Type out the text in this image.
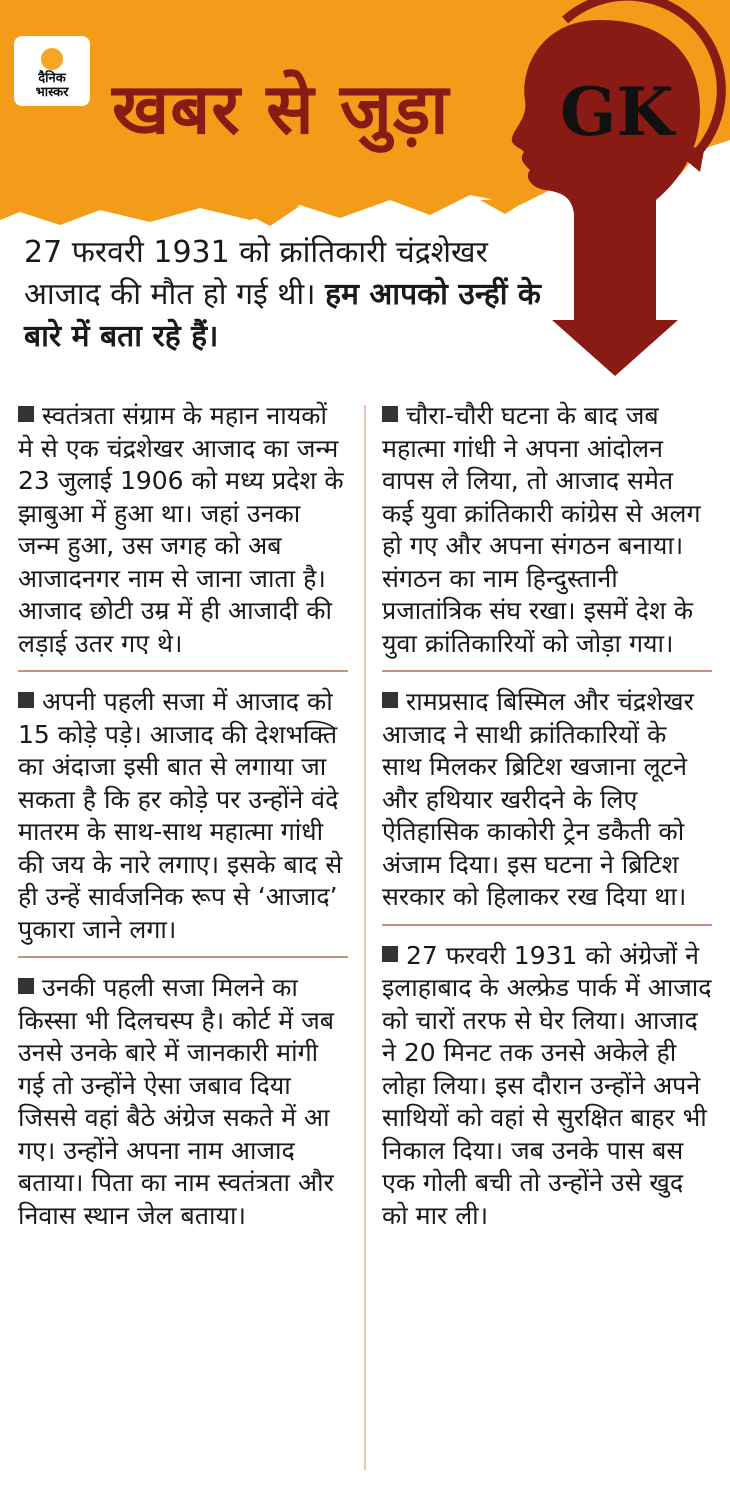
दैनिक
भास्कर खबर से जुड़ा GK
27 फरवरी 1931 को क्रांतिकारी चंद्रशेखर आजाद की मौत हो गई थी। हम आपको उन्हीं के बारे में बता रहे हैं।
स्वतंत्रता संग्राम के महान नायकों मे से एक चंद्रशेखर आजाद का जन्म 23 जुलाई 1906 को मध्य प्रदेश के झाबुआ में हुआ था। जहां उनका जन्म हुआ, उस जगह को अब आजादनगर नाम से जाना जाता है। आजाद छोटी उम्र में ही आजादी की लड़ाई उतर गए थे।
अपनी पहली सजा में आजाद को 15 कोड़े पड़े। आजाद की देशभक्ति का अंदाजा इसी बात से लगाया जा सकता है कि हर कोड़े पर उन्होंने वंदे मातरम के साथ-साथ महात्मा गांधी की जय के नारे लगाए। इसके बाद से ही उन्हें सार्वजनिक रूप से ‘आजाद’ पुकारा जाने लगा।
उनकी पहली सजा मिलने का किस्सा भी दिलचस्प है। कोर्ट में जब उनसे उनके बारे में जानकारी मांगी गई तो उन्होंने ऐसा जबाव दिया जिससे वहां बैठे अंग्रेज सकते में आ गए। उन्होंने अपना नाम आजाद बताया। पिता का नाम स्वतंत्रता और निवास स्थान जेल बताया।
चौरा-चौरी घटना के बाद जब महात्मा गांधी ने अपना आंदोलन वापस ले लिया, तो आजाद समेत कई युवा क्रांतिकारी कांग्रेस से अलग हो गए और अपना संगठन बनाया। संगठन का नाम हिन्दुस्तानी प्रजातांत्रिक संघ रखा। इसमें देश के युवा क्रांतिकारियों को जोड़ा गया।
रामप्रसाद बिस्मिल और चंद्रशेखर आजाद ने साथी क्रांतिकारियों के साथ मिलकर ब्रिटिश खजाना लूटने और हथियार खरीदने के लिए ऐतिहासिक काकोरी ट्रेन डकैती को अंजाम दिया। इस घटना ने ब्रिटिश सरकार को हिलाकर रख दिया था।
27 फरवरी 1931 को अंग्रेजों ने इलाहाबाद के अल्फ्रेड पार्क में आजाद को चारों तरफ से घेर लिया। आजाद ने 20 मिनट तक उनसे अकेले ही लोहा लिया। इस दौरान उन्होंने अपने साथियों को वहां से सुरक्षित बाहर भी निकाल दिया। जब उनके पास बस एक गोली बची तो उन्होंने उसे खुद को मार ली।
